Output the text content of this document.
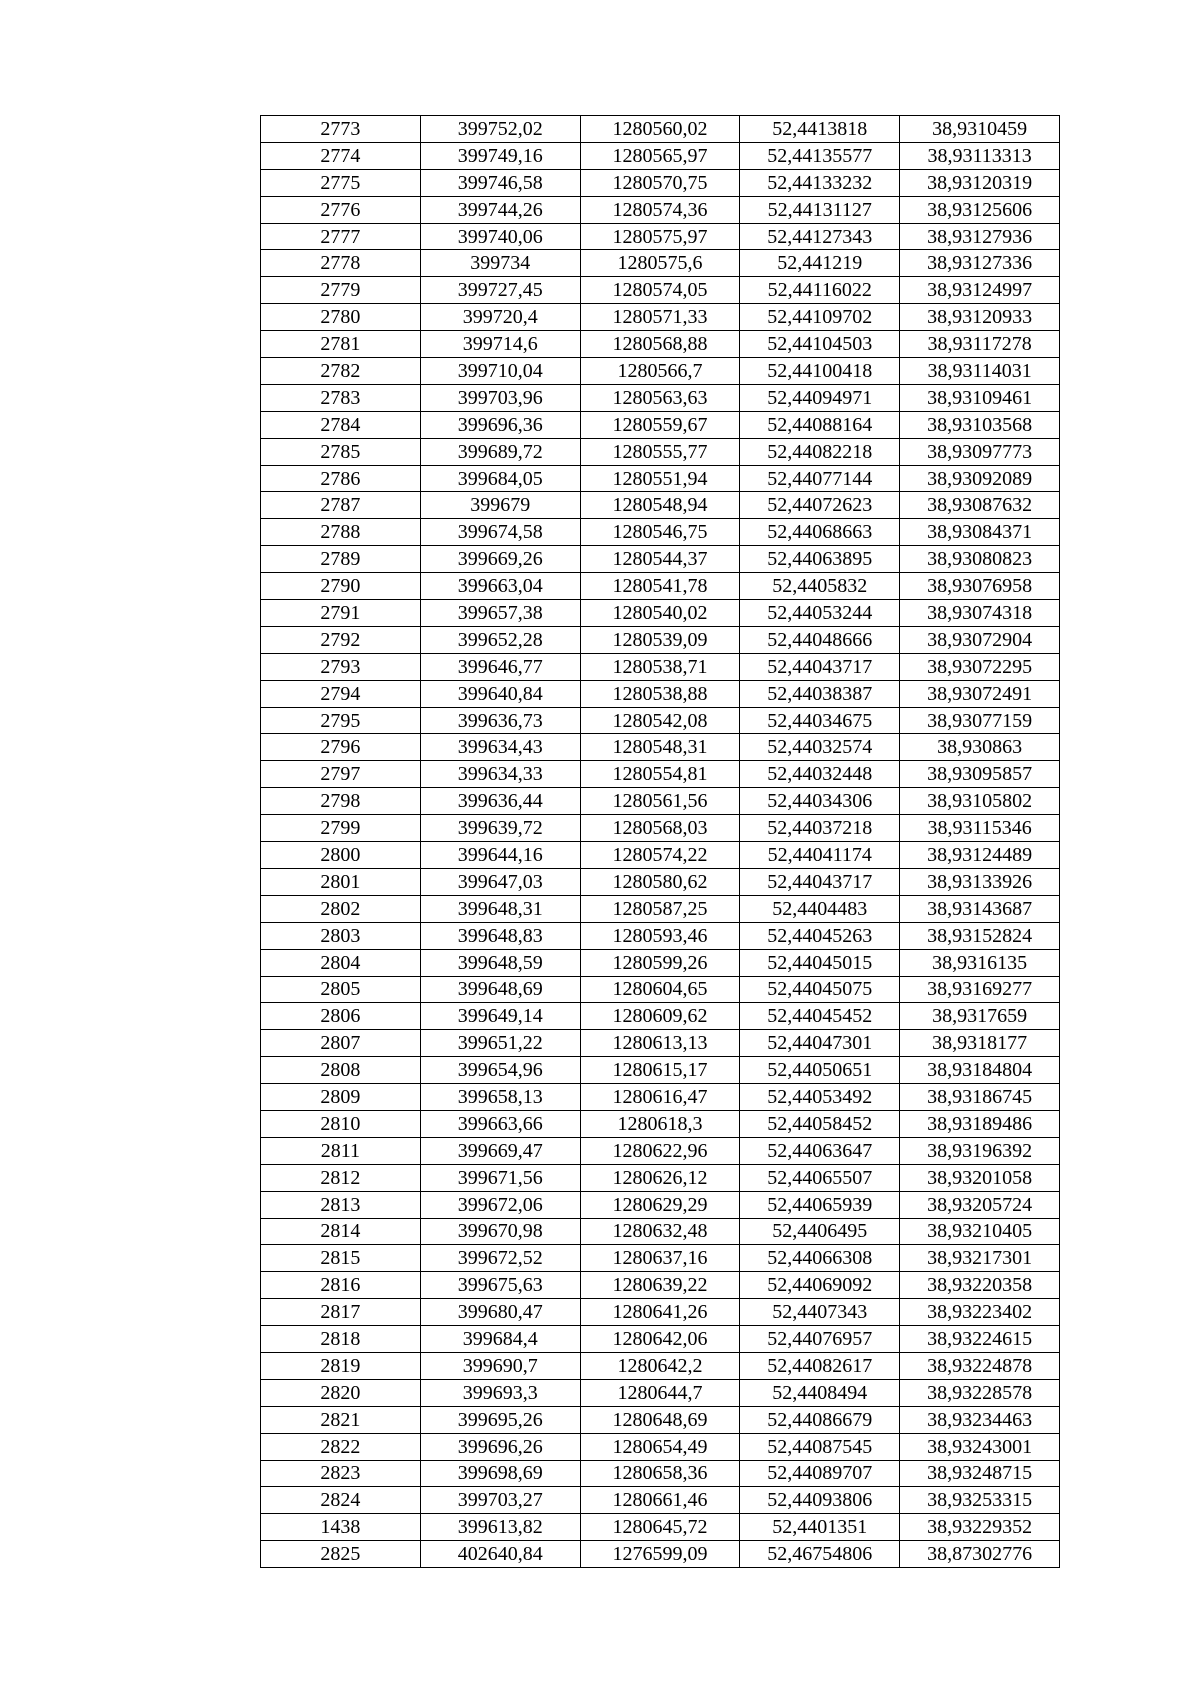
2773	399752,02	1280560,02	52,4413818	38,9310459
2774	399749,16	1280565,97	52,44135577	38,93113313
2775	399746,58	1280570,75	52,44133232	38,93120319
2776	399744,26	1280574,36	52,44131127	38,93125606
2777	399740,06	1280575,97	52,44127343	38,93127936
2778	399734	1280575,6	52,441219	38,93127336
2779	399727,45	1280574,05	52,44116022	38,93124997
2780	399720,4	1280571,33	52,44109702	38,93120933
2781	399714,6	1280568,88	52,44104503	38,93117278
2782	399710,04	1280566,7	52,44100418	38,93114031
2783	399703,96	1280563,63	52,44094971	38,93109461
2784	399696,36	1280559,67	52,44088164	38,93103568
2785	399689,72	1280555,77	52,44082218	38,93097773
2786	399684,05	1280551,94	52,44077144	38,93092089
2787	399679	1280548,94	52,44072623	38,93087632
2788	399674,58	1280546,75	52,44068663	38,93084371
2789	399669,26	1280544,37	52,44063895	38,93080823
2790	399663,04	1280541,78	52,4405832	38,93076958
2791	399657,38	1280540,02	52,44053244	38,93074318
2792	399652,28	1280539,09	52,44048666	38,93072904
2793	399646,77	1280538,71	52,44043717	38,93072295
2794	399640,84	1280538,88	52,44038387	38,93072491
2795	399636,73	1280542,08	52,44034675	38,93077159
2796	399634,43	1280548,31	52,44032574	38,930863
2797	399634,33	1280554,81	52,44032448	38,93095857
2798	399636,44	1280561,56	52,44034306	38,93105802
2799	399639,72	1280568,03	52,44037218	38,93115346
2800	399644,16	1280574,22	52,44041174	38,93124489
2801	399647,03	1280580,62	52,44043717	38,93133926
2802	399648,31	1280587,25	52,4404483	38,93143687
2803	399648,83	1280593,46	52,44045263	38,93152824
2804	399648,59	1280599,26	52,44045015	38,9316135
2805	399648,69	1280604,65	52,44045075	38,93169277
2806	399649,14	1280609,62	52,44045452	38,9317659
2807	399651,22	1280613,13	52,44047301	38,9318177
2808	399654,96	1280615,17	52,44050651	38,93184804
2809	399658,13	1280616,47	52,44053492	38,93186745
2810	399663,66	1280618,3	52,44058452	38,93189486
2811	399669,47	1280622,96	52,44063647	38,93196392
2812	399671,56	1280626,12	52,44065507	38,93201058
2813	399672,06	1280629,29	52,44065939	38,93205724
2814	399670,98	1280632,48	52,4406495	38,93210405
2815	399672,52	1280637,16	52,44066308	38,93217301
2816	399675,63	1280639,22	52,44069092	38,93220358
2817	399680,47	1280641,26	52,4407343	38,93223402
2818	399684,4	1280642,06	52,44076957	38,93224615
2819	399690,7	1280642,2	52,44082617	38,93224878
2820	399693,3	1280644,7	52,4408494	38,93228578
2821	399695,26	1280648,69	52,44086679	38,93234463
2822	399696,26	1280654,49	52,44087545	38,93243001
2823	399698,69	1280658,36	52,44089707	38,93248715
2824	399703,27	1280661,46	52,44093806	38,93253315
1438	399613,82	1280645,72	52,4401351	38,93229352
2825	402640,84	1276599,09	52,46754806	38,87302776
